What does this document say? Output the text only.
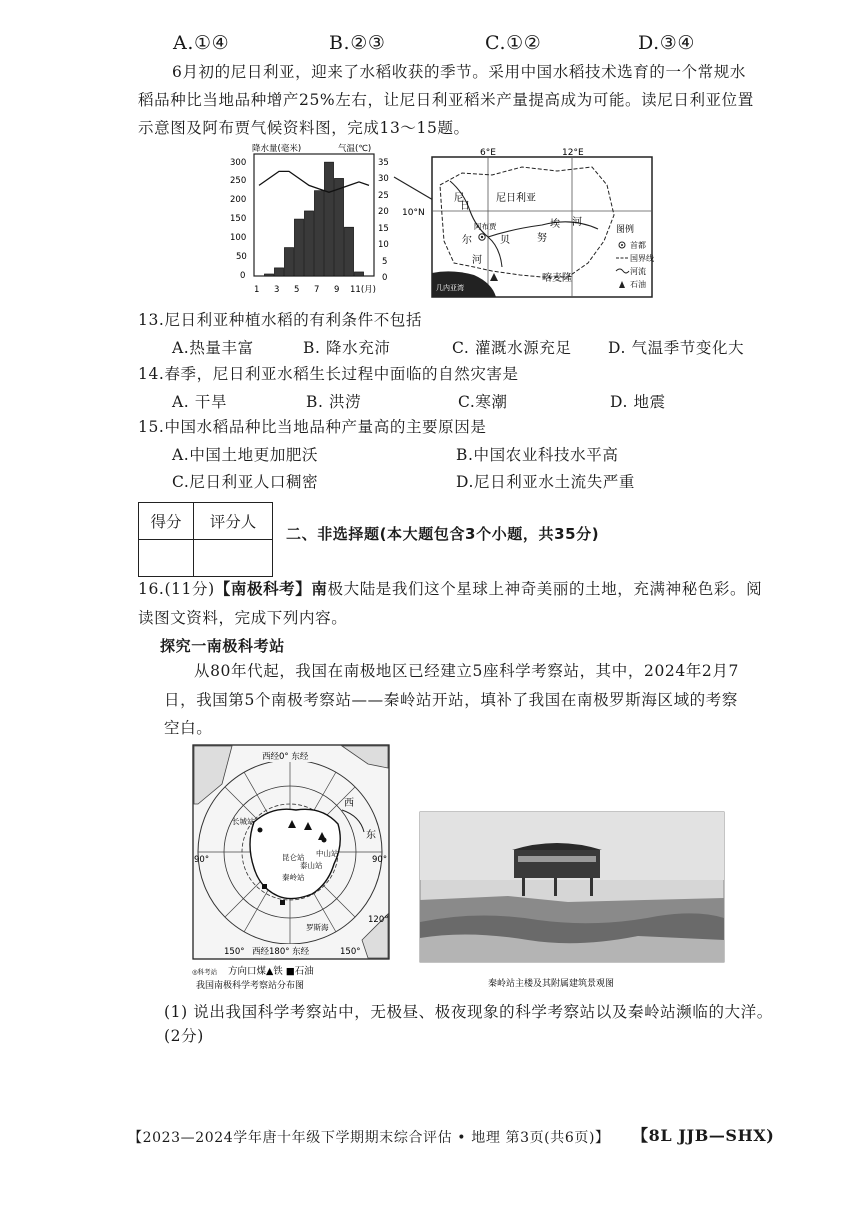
A.①④	B.②③	C.①②	D.③④
6月初的尼日利亚，迎来了水稻收获的季节。采用中国水稻技术选育的一个常规水
稻品种比当地品种增产25%左右，让尼日利亚稻米产量提高成为可能。读尼日利亚位置
示意图及阿布贾气候资料图，完成13～15题。
降水量(毫米)	气温(℃)
300
250
200
150
100
50
0
35
30
25
20
15
10
5
0
1 3 5 7 9 11(月)
6°E	12°E
10°N
几内亚湾
尼日利亚
阿布贾
尼
日
尔
河
贝	努
埃 河
喀麦隆
图例
首都
国界线
河流
石油
13.尼日利亚种植水稻的有利条件不包括
A.热量丰富	B. 降水充沛	C. 灌溉水源充足 D. 气温季节变化大
14.春季，尼日利亚水稻生长过程中面临的自然灾害是
A. 干旱	B. 洪涝	C.寒潮	D. 地震
15.中国水稻品种比当地品种产量高的主要原因是
A.中国土地更加肥沃	B.中国农业科技水平高
C.尼日利亚人口稠密	D.尼日利亚水土流失严重
得分	评分人

二、非选择题(本大题包含3个小题，共35分)
16.(11分)【南极科考】南极大陆是我们这个星球上神奇美丽的土地，充满神秘色彩。阅
读图文资料，完成下列内容。
探究一南极科考站
从80年代起，我国在南极地区已经建立5座科学考察站，其中，2024年2月7
日，我国第5个南极考察站——秦岭站开站，填补了我国在南极罗斯海区域的考察
空白。
西经0° 东经
西经180° 东经
90°	90°
150°	150°
120°
西
东
长城站
中山站
昆仑站
泰山站
秦岭站
罗斯海
◎科考站 方向口煤▲铁 ■石油
我国南极科学考察站分布图	秦岭站主楼及其附属建筑景观图
(1) 说出我国科学考察站中，无极昼、极夜现象的科学考察站以及秦岭站濒临的大洋。
(2分)
【2023—2024学年唐十年级下学期期末综合评估 • 地理 第3页(共6页)】 【8L JJB—SHX)
